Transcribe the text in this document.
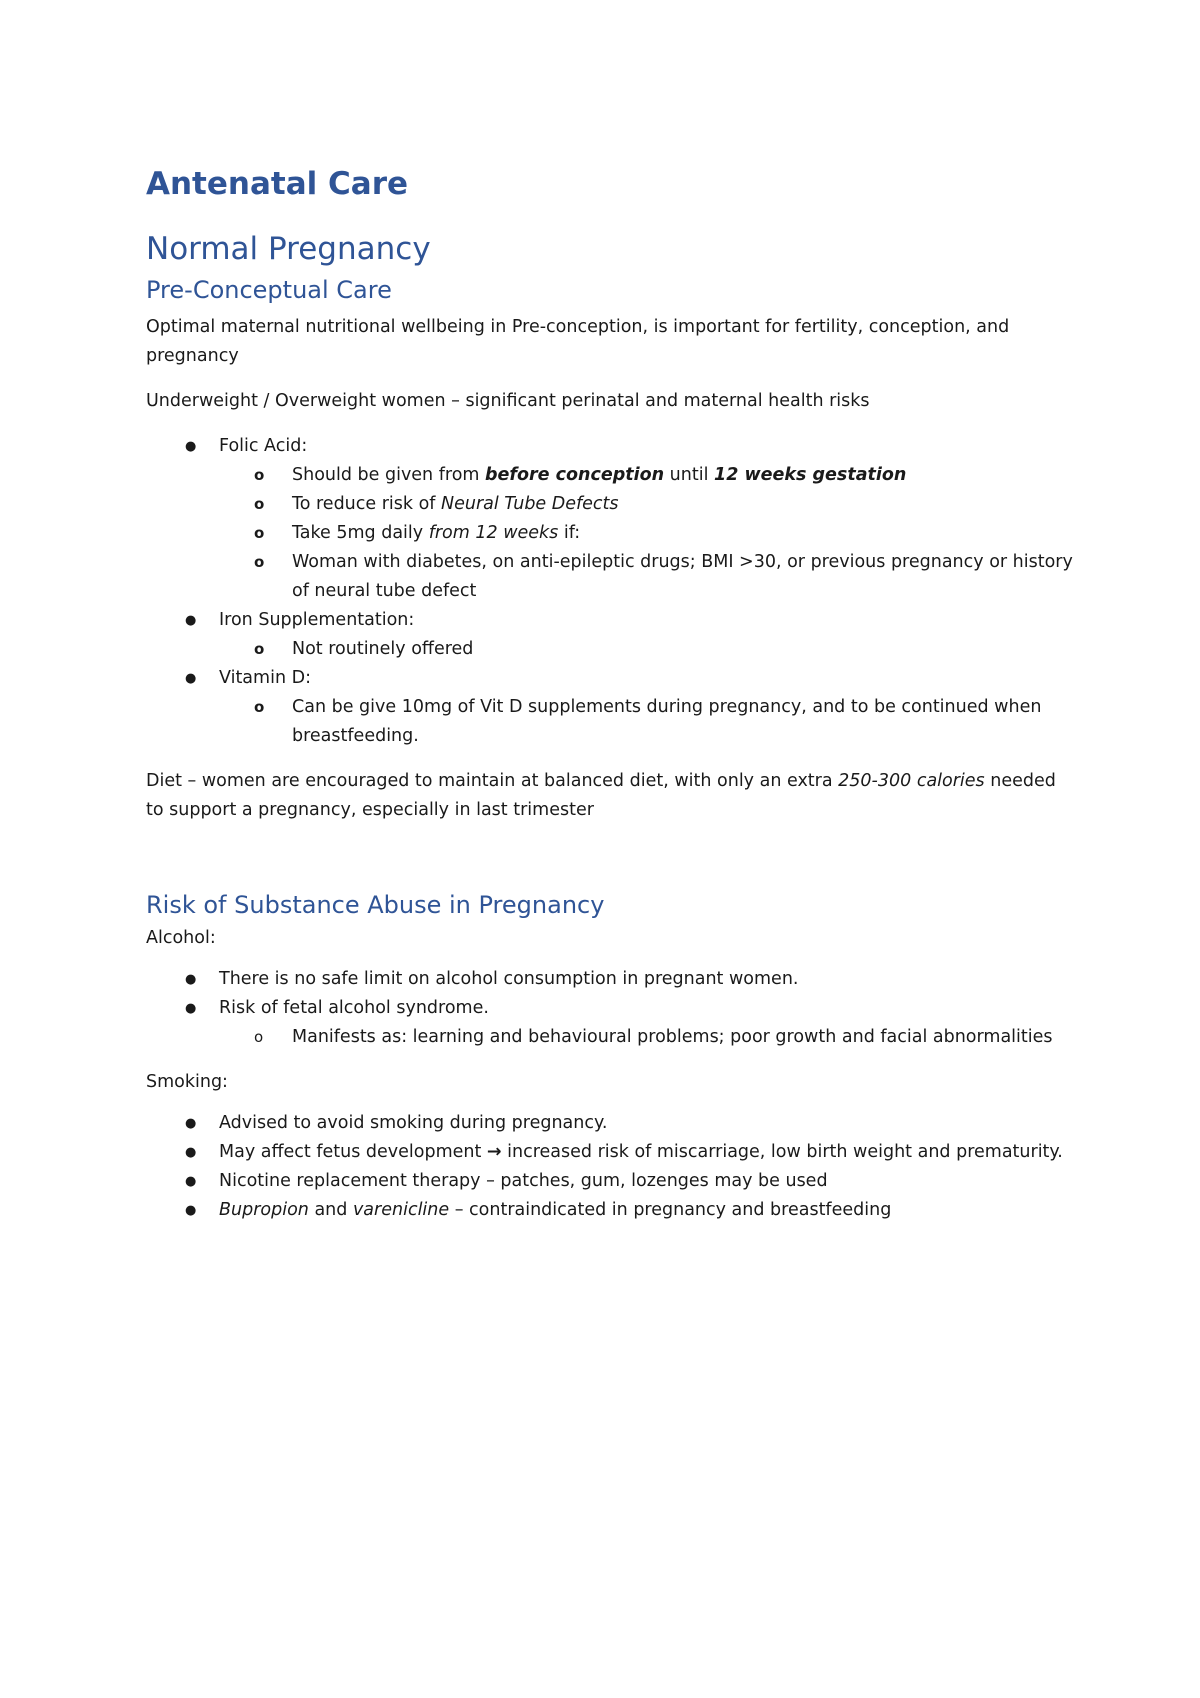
Antenatal Care
Normal Pregnancy
Pre-Conceptual Care

Optimal maternal nutritional wellbeing in Pre-conception, is important for fertility, conception, and pregnancy

Underweight / Overweight women – significant perinatal and maternal health risks

● Folic Acid:
o Should be given from before conception until 12 weeks gestation
o To reduce risk of Neural Tube Defects
o Take 5mg daily from 12 weeks if:
o Woman with diabetes, on anti-epileptic drugs; BMI >30, or previous pregnancy or history of neural tube defect
● Iron Supplementation:
o Not routinely offered
● Vitamin D:
o Can be give 10mg of Vit D supplements during pregnancy, and to be continued when breastfeeding.

Diet – women are encouraged to maintain at balanced diet, with only an extra 250-300 calories needed to support a pregnancy, especially in last trimester

Risk of Substance Abuse in Pregnancy

Alcohol:

● There is no safe limit on alcohol consumption in pregnant women.
● Risk of fetal alcohol syndrome.
o Manifests as: learning and behavioural problems; poor growth and facial abnormalities

Smoking:

● Advised to avoid smoking during pregnancy.
● May affect fetus development → increased risk of miscarriage, low birth weight and prematurity.
● Nicotine replacement therapy – patches, gum, lozenges may be used
● Bupropion and varenicline – contraindicated in pregnancy and breastfeeding
